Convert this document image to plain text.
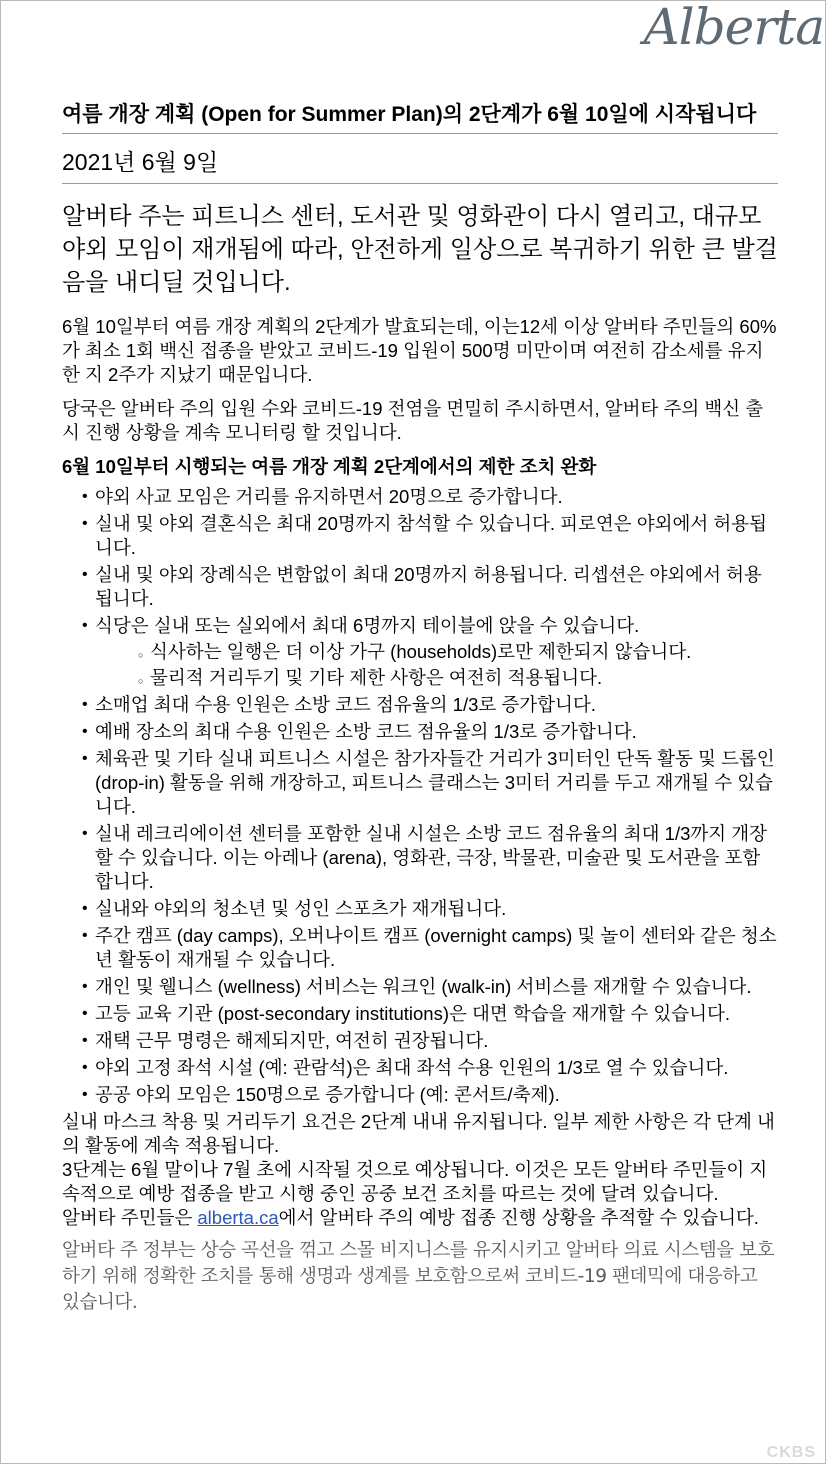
Alberta
여름 개장 계획 (Open for Summer Plan)의 2단계가 6월 10일에 시작됩니다
2021년 6월 9일
알버타 주는 피트니스 센터, 도서관 및 영화관이 다시 열리고, 대규모 야외 모임이 재개됨에 따라, 안전하게 일상으로 복귀하기 위한 큰 발걸음을 내디딜 것입니다.

6월 10일부터 여름 개장 계획의 2단계가 발효되는데, 이는12세 이상 알버타 주민들의 60%가 최소 1회 백신 접종을 받았고 코비드-19 입원이 500명 미만이며 여전히 감소세를 유지한 지 2주가 지났기 때문입니다.

당국은 알버타 주의 입원 수와 코비드-19 전염을 면밀히 주시하면서, 알버타 주의 백신 출시 진행 상황을 계속 모니터링 할 것입니다.

6월 10일부터 시행되는 여름 개장 계획 2단계에서의 제한 조치 완화
• 야외 사교 모임은 거리를 유지하면서 20명으로 증가합니다.
• 실내 및 야외 결혼식은 최대 20명까지 참석할 수 있습니다. 피로연은 야외에서 허용됩니다.
• 실내 및 야외 장례식은 변함없이 최대 20명까지 허용됩니다. 리셉션은 야외에서 허용됩니다.
• 식당은 실내 또는 실외에서 최대 6명까지 테이블에 앉을 수 있습니다.
○ 식사하는 일행은 더 이상 가구 (households)로만 제한되지 않습니다.
○ 물리적 거리두기 및 기타 제한 사항은 여전히 적용됩니다.
• 소매업 최대 수용 인원은 소방 코드 점유율의 1/3로 증가합니다.
• 예배 장소의 최대 수용 인원은 소방 코드 점유율의 1/3로 증가합니다.
• 체육관 및 기타 실내 피트니스 시설은 참가자들간 거리가 3미터인 단독 활동 및 드롭인 (drop-in) 활동을 위해 개장하고, 피트니스 클래스는 3미터 거리를 두고 재개될 수 있습니다.
• 실내 레크리에이션 센터를 포함한 실내 시설은 소방 코드 점유율의 최대 1/3까지 개장할 수 있습니다. 이는 아레나 (arena), 영화관, 극장, 박물관, 미술관 및 도서관을 포함합니다.
• 실내와 야외의 청소년 및 성인 스포츠가 재개됩니다.
• 주간 캠프 (day camps), 오버나이트 캠프 (overnight camps) 및 놀이 센터와 같은 청소년 활동이 재개될 수 있습니다.
• 개인 및 웰니스 (wellness) 서비스는 워크인 (walk-in) 서비스를 재개할 수 있습니다.
• 고등 교육 기관 (post-secondary institutions)은 대면 학습을 재개할 수 있습니다.
• 재택 근무 명령은 해제되지만, 여전히 권장됩니다.
• 야외 고정 좌석 시설 (예: 관람석)은 최대 좌석 수용 인원의 1/3로 열 수 있습니다.
• 공공 야외 모임은 150명으로 증가합니다 (예: 콘서트/축제).

실내 마스크 착용 및 거리두기 요건은 2단계 내내 유지됩니다. 일부 제한 사항은 각 단계 내의 활동에 계속 적용됩니다.

3단계는 6월 말이나 7월 초에 시작될 것으로 예상됩니다. 이것은 모든 알버타 주민들이 지속적으로 예방 접종을 받고 시행 중인 공중 보건 조치를 따르는 것에 달려 있습니다.

알버타 주민들은 alberta.ca에서 알버타 주의 예방 접종 진행 상황을 추적할 수 있습니다.

알버타 주 정부는 상승 곡선을 꺾고 스몰 비지니스를 유지시키고 알버타 의료 시스템을 보호하기 위해 정확한 조치를 통해 생명과 생계를 보호함으로써 코비드-19 팬데믹에 대응하고 있습니다.
CKBS
